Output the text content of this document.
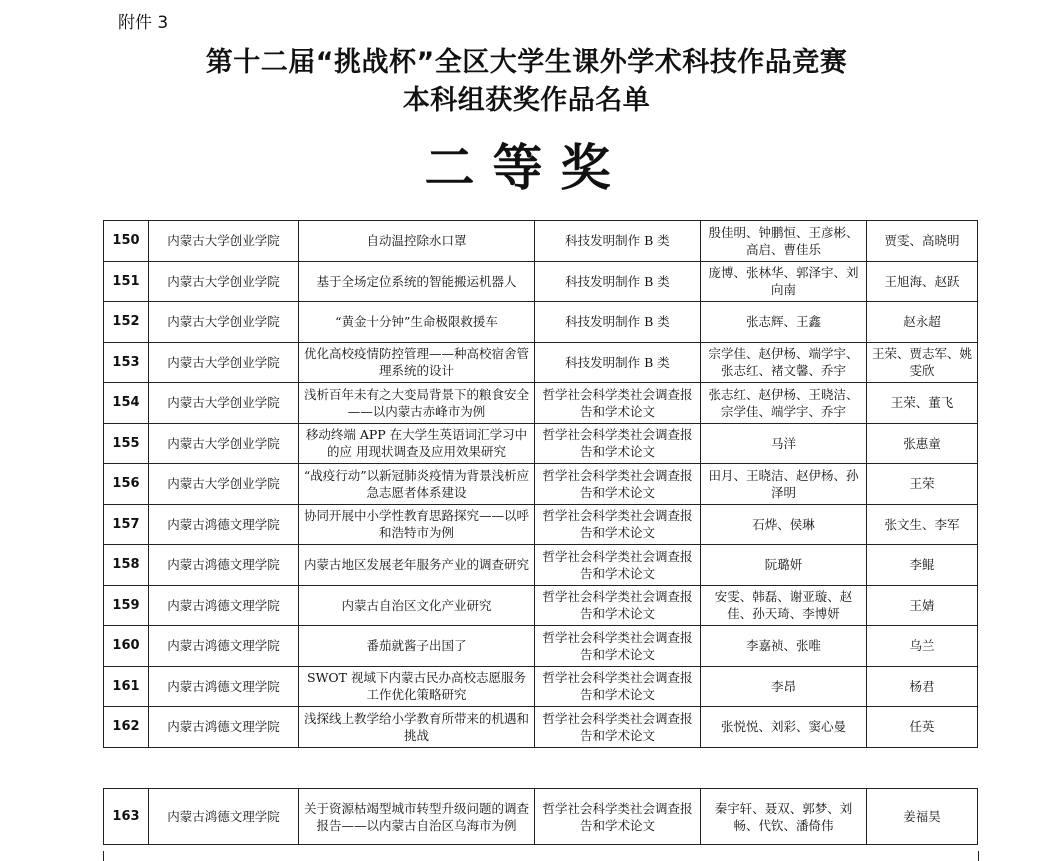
附件 3
第十二届“挑战杯”全区大学生课外学术科技作品竞赛
本科组获奖作品名单
二等奖
150	内蒙古大学创业学院	自动温控除水口罩	科技发明制作 B 类	殷佳明、钟鹏恒、王彦彬、高启、曹佳乐	贾雯、高晓明
151	内蒙古大学创业学院	基于全场定位系统的智能搬运机器人	科技发明制作 B 类	庞博、张林华、郭泽宇、刘向南	王旭海、赵跃
152	内蒙古大学创业学院	“黄金十分钟”生命极限救援车	科技发明制作 B 类	张志辉、王鑫	赵永超
153	内蒙古大学创业学院	优化高校疫情防控管理——种高校宿舍管理系统的设计	科技发明制作 B 类	宗学佳、赵伊杨、端学宇、张志红、褚文馨、乔宇	王荣、贾志军、姚雯欣
154	内蒙古大学创业学院	浅析百年未有之大变局背景下的粮食安全——以内蒙古赤峰市为例	哲学社会科学类社会调查报告和学术论文	张志红、赵伊杨、王晓洁、宗学佳、端学宇、乔宇	王荣、董飞
155	内蒙古大学创业学院	移动终端 APP 在大学生英语词汇学习中的应 用现状调查及应用效果研究	哲学社会科学类社会调查报告和学术论文	马洋	张惠童
156	内蒙古大学创业学院	“战疫行动”以新冠肺炎疫情为背景浅析应急志愿者体系建设	哲学社会科学类社会调查报告和学术论文	田月、王晓洁、赵伊杨、孙泽明	王荣
157	内蒙古鸿德文理学院	协同开展中小学性教育思路探究——以呼和浩特市为例	哲学社会科学类社会调查报告和学术论文	石烨、侯琳	张文生、李军
158	内蒙古鸿德文理学院	内蒙古地区发展老年服务产业的调查研究	哲学社会科学类社会调查报告和学术论文	阮璐妍	李鲲
159	内蒙古鸿德文理学院	内蒙古自治区文化产业研究	哲学社会科学类社会调查报告和学术论文	安雯、韩磊、谢亚璇、赵佳、孙天琦、李博妍	王婧
160	内蒙古鸿德文理学院	番茄就酱子出国了	哲学社会科学类社会调查报告和学术论文	李嘉祯、张唯	乌兰
161	内蒙古鸿德文理学院	SWOT 视域下内蒙古民办高校志愿服务工作优化策略研究	哲学社会科学类社会调查报告和学术论文	李昂	杨君
162	内蒙古鸿德文理学院	浅探线上教学给小学教育所带来的机遇和挑战	哲学社会科学类社会调查报告和学术论文	张悦悦、刘彩、窦心曼	任英
163	内蒙古鸿德文理学院	关于资源枯竭型城市转型升级问题的调查报告——以内蒙古自治区乌海市为例	哲学社会科学类社会调查报告和学术论文	秦宇轩、聂双、郭梦、刘畅、代钦、潘倚伟	姜福昊
